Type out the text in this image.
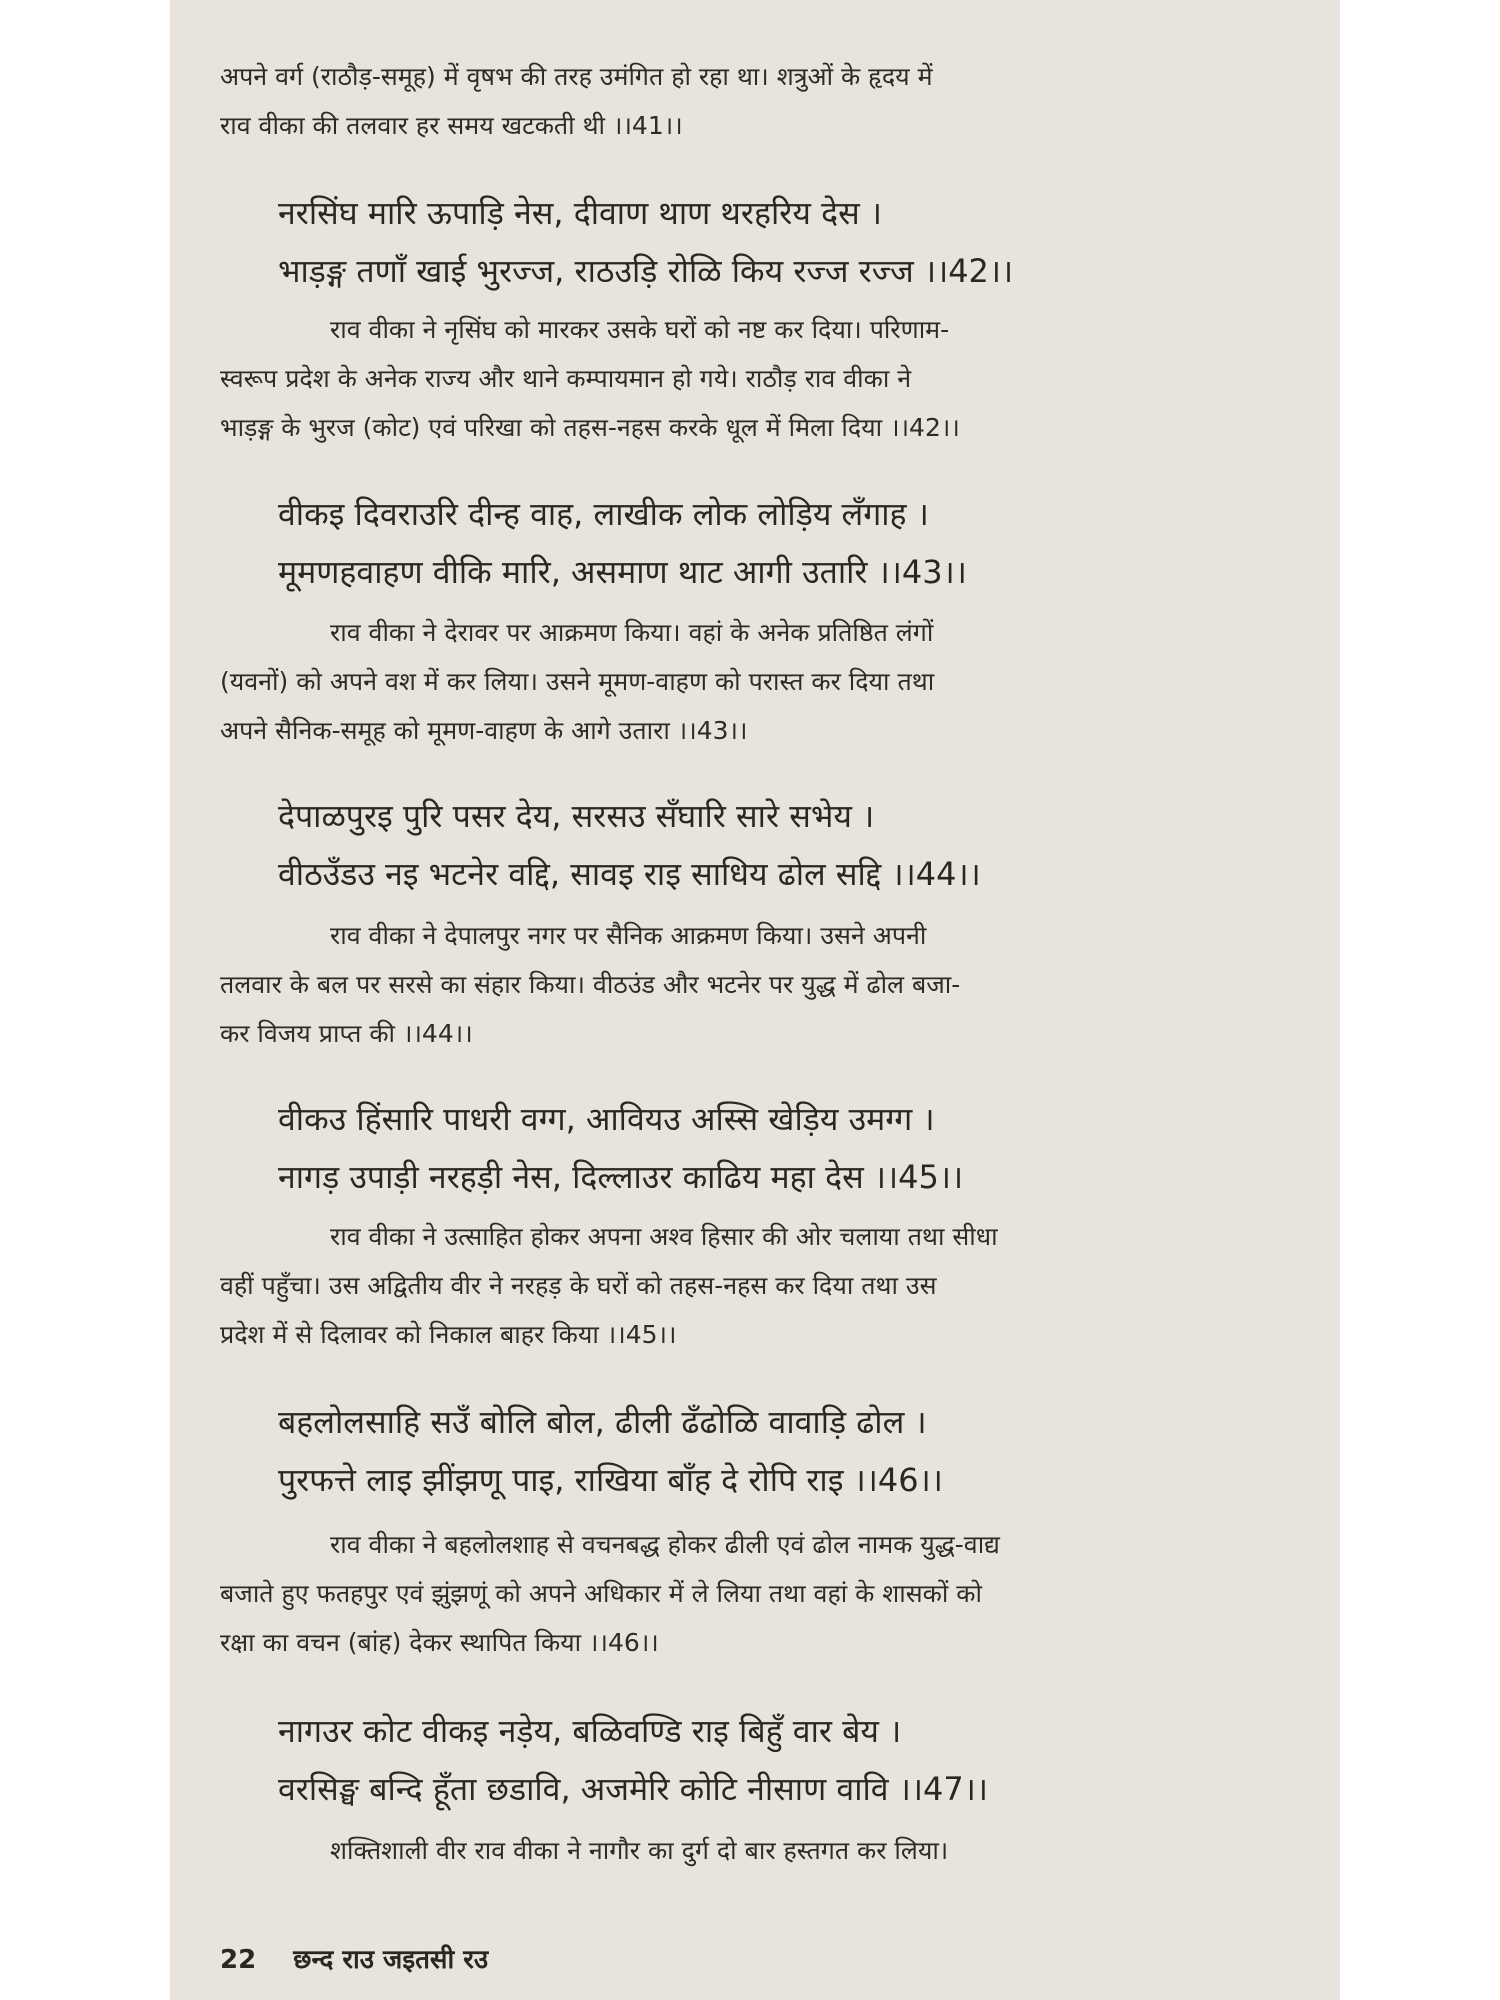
अपने वर्ग (राठौड़-समूह) में वृषभ की तरह उमंगित हो रहा था। शत्रुओं के हृदय में

राव वीका की तलवार हर समय खटकती थी ।।41।।

नरसिंघ मारि ऊपाड़ि नेस, दीवाण थाण थरहरिय देस ।
भाड़ङ्ग तणाँ खाई भुरज्ज, राठउड़ि रोळि किय रज्ज रज्ज ।।42।।

राव वीका ने नृसिंघ को मारकर उसके घरों को नष्ट कर दिया। परिणाम-

स्वरूप प्रदेश के अनेक राज्य और थाने कम्पायमान हो गये। राठौड़ राव वीका ने

भाड़ङ्ग के भुरज (कोट) एवं परिखा को तहस-नहस करके धूल में मिला दिया ।।42।।

वीकइ दिवराउरि दीन्ह वाह, लाखीक लोक लोड़िय लँगाह ।
मूमणहवाहण वीकि मारि, असमाण थाट आगी उतारि ।।43।।

राव वीका ने देरावर पर आक्रमण किया। वहां के अनेक प्रतिष्ठित लंगों

(यवनों) को अपने वश में कर लिया। उसने मूमण-वाहण को परास्त कर दिया तथा

अपने सैनिक-समूह को मूमण-वाहण के आगे उतारा ।।43।।

देपाळपुरइ पुरि पसर देय, सरसउ सँघारि सारे सभेय ।
वीठउँडउ नइ भटनेर वद्दि, सावइ राइ साधिय ढोल सद्दि ।।44।।

राव वीका ने देपालपुर नगर पर सैनिक आक्रमण किया। उसने अपनी

तलवार के बल पर सरसे का संहार किया। वीठउंड और भटनेर पर युद्ध में ढोल बजा-

कर विजय प्राप्त की ।।44।।

वीकउ हिंसारि पाधरी वग्ग, आवियउ अस्सि खेड़िय उमग्ग ।
नागड़ उपाड़ी नरहड़ी नेस, दिल्लाउर काढिय महा देस ।।45।।

राव वीका ने उत्साहित होकर अपना अश्व हिसार की ओर चलाया तथा सीधा

वहीं पहुँचा। उस अद्वितीय वीर ने नरहड़ के घरों को तहस-नहस कर दिया तथा उस

प्रदेश में से दिलावर को निकाल बाहर किया ।।45।।

बहलोलसाहि सउँ बोलि बोल, ढीली ढँढोळि वावाड़ि ढोल ।
पुरफत्ते लाइ झींझणू पाइ, राखिया बाँह दे रोपि राइ ।।46।।

राव वीका ने बहलोलशाह से वचनबद्ध होकर ढीली एवं ढोल नामक युद्ध-वाद्य

बजाते हुए फतहपुर एवं झुंझणूं को अपने अधिकार में ले लिया तथा वहां के शासकों को

रक्षा का वचन (बांह) देकर स्थापित किया ।।46।।

नागउर कोट वीकइ नड़ेय, बळिवण्डि राइ बिहुँ वार बेय ।
वरसिङ्घ बन्दि हूँता छडावि, अजमेरि कोटि नीसाण वावि ।।47।।

शक्तिशाली वीर राव वीका ने नागौर का दुर्ग दो बार हस्तगत कर लिया।

22 छन्द राउ जइतसी रउ
